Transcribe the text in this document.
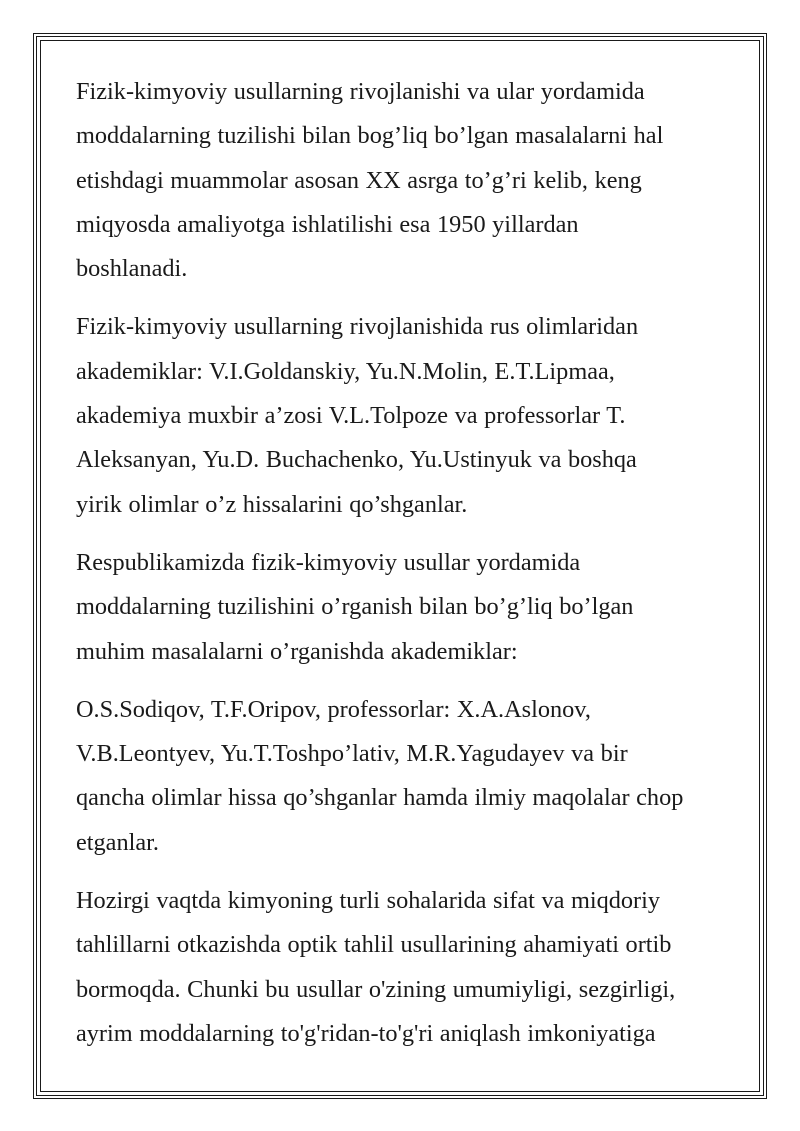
Fizik-kimyoviy usullarning rivojlanishi va ular yordamida
moddalarning tuzilishi bilan bog’liq bo’lgan masalalarni hal
etishdagi muammolar asosan XX asrga to’g’ri kelib, keng
miqyosda amaliyotga ishlatilishi esa 1950 yillardan
boshlanadi.

Fizik-kimyoviy usullarning rivojlanishida rus olimlaridan
akademiklar: V.I.Goldanskiy, Yu.N.Molin, E.T.Lipmaa,
akademiya muxbir a’zosi V.L.Tolpoze va professorlar T.
Aleksanyan, Yu.D. Buchachenko, Yu.Ustinyuk va boshqa
yirik olimlar o’z hissalarini qo’shganlar.

Respublikamizda fizik-kimyoviy usullar yordamida
moddalarning tuzilishini o’rganish bilan bo’g’liq bo’lgan
muhim masalalarni o’rganishda akademiklar:

O.S.Sodiqov, T.F.Oripov, professorlar: X.A.Aslonov,
V.B.Leontyev, Yu.T.Toshpo’lativ, M.R.Yagudayev va bir
qancha olimlar hissa qo’shganlar hamda ilmiy maqolalar chop
etganlar.

Hozirgi vaqtda kimyoning turli sohalarida sifat va miqdoriy
tahlillarni otkazishda optik tahlil usullarining ahamiyati ortib
bormoqda. Chunki bu usullar o'zining umumiyligi, sezgirligi,
ayrim moddalarning to'g'ridan-to'g'ri aniqlash imkoniyatiga
